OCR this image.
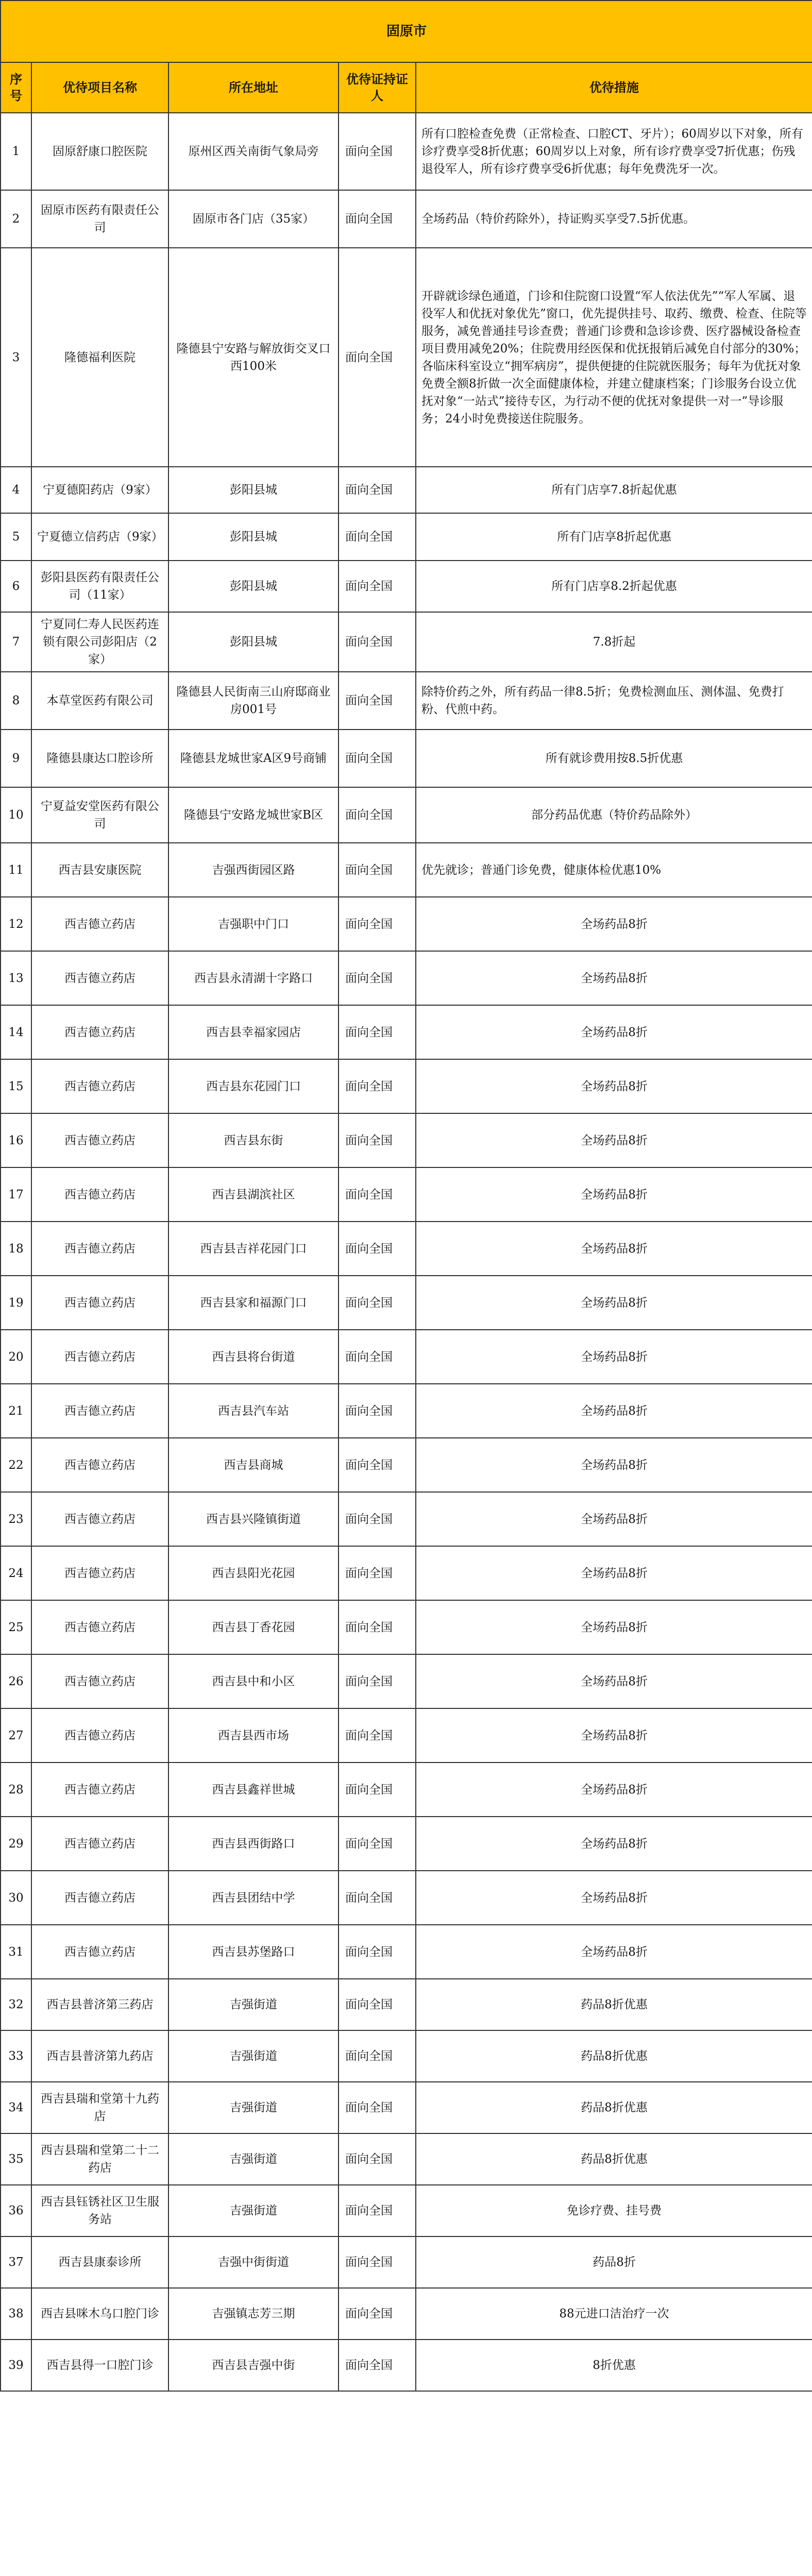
固原市				
序号	优待项目名称	所在地址	优待证持证人	优待措施
1	固原舒康口腔医院	原州区西关南街气象局旁	面向全国	所有口腔检查免费（正常检查、口腔CT、牙片）；60周岁以下对象，所有诊疗费享受8折优惠；60周岁以上对象，所有诊疗费享受7折优惠；伤残退役军人，所有诊疗费享受6折优惠；每年免费洗牙一次。
2	固原市医药有限责任公司	固原市各门店（35家）	面向全国	全场药品（特价药除外），持证购买享受7.5折优惠。
3	隆德福利医院	隆德县宁安路与解放街交叉口西100米	面向全国	开辟就诊绿色通道，门诊和住院窗口设置“军人依法优先”“军人军属、退役军人和优抚对象优先”窗口，优先提供挂号、取药、缴费、检查、住院等服务，减免普通挂号诊查费；普通门诊费和急诊诊费、医疗器械设备检查项目费用减免20%；住院费用经医保和优抚报销后减免自付部分的30%；各临床科室设立“拥军病房”，提供便捷的住院就医服务；每年为优抚对象免费全额8折做一次全面健康体检，并建立健康档案；门诊服务台设立优抚对象“一站式”接待专区，为行动不便的优抚对象提供一对一”导诊服务；24小时免费接送住院服务。
4	宁夏德阳药店（9家）	彭阳县城	面向全国	所有门店享7.8折起优惠
5	宁夏德立信药店（9家）	彭阳县城	面向全国	所有门店享8折起优惠
6	彭阳县医药有限责任公司（11家）	彭阳县城	面向全国	所有门店享8.2折起优惠
7	宁夏同仁寿人民医药连锁有限公司彭阳店（2家）	彭阳县城	面向全国	7.8折起
8	本草堂医药有限公司	隆德县人民街南三山府邸商业房001号	面向全国	除特价药之外，所有药品一律8.5折；免费检测血压、测体温、免费打粉、代煎中药。
9	隆德县康达口腔诊所	隆德县龙城世家A区9号商铺	面向全国	所有就诊费用按8.5折优惠
10	宁夏益安堂医药有限公司	隆德县宁安路龙城世家B区	面向全国	部分药品优惠（特价药品除外）
11	西吉县安康医院	吉强西街园区路	面向全国	优先就诊；普通门诊免费，健康体检优惠10%
12	西吉德立药店	吉强职中门口	面向全国	全场药品8折
13	西吉德立药店	西吉县永清湖十字路口	面向全国	全场药品8折
14	西吉德立药店	西吉县幸福家园店	面向全国	全场药品8折
15	西吉德立药店	西吉县东花园门口	面向全国	全场药品8折
16	西吉德立药店	西吉县东街	面向全国	全场药品8折
17	西吉德立药店	西吉县湖滨社区	面向全国	全场药品8折
18	西吉德立药店	西吉县吉祥花园门口	面向全国	全场药品8折
19	西吉德立药店	西吉县家和福源门口	面向全国	全场药品8折
20	西吉德立药店	西吉县将台街道	面向全国	全场药品8折
21	西吉德立药店	西吉县汽车站	面向全国	全场药品8折
22	西吉德立药店	西吉县商城	面向全国	全场药品8折
23	西吉德立药店	西吉县兴隆镇街道	面向全国	全场药品8折
24	西吉德立药店	西吉县阳光花园	面向全国	全场药品8折
25	西吉德立药店	西吉县丁香花园	面向全国	全场药品8折
26	西吉德立药店	西吉县中和小区	面向全国	全场药品8折
27	西吉德立药店	西吉县西市场	面向全国	全场药品8折
28	西吉德立药店	西吉县鑫祥世城	面向全国	全场药品8折
29	西吉德立药店	西吉县西街路口	面向全国	全场药品8折
30	西吉德立药店	西吉县团结中学	面向全国	全场药品8折
31	西吉德立药店	西吉县苏堡路口	面向全国	全场药品8折
32	西吉县普济第三药店	吉强街道	面向全国	药品8折优惠
33	西吉县普济第九药店	吉强街道	面向全国	药品8折优惠
34	西吉县瑞和堂第十九药店	吉强街道	面向全国	药品8折优惠
35	西吉县瑞和堂第二十二药店	吉强街道	面向全国	药品8折优惠
36	西吉县钰锈社区卫生服务站	吉强街道	面向全国	免诊疗费、挂号费
37	西吉县康泰诊所	吉强中街街道	面向全国	药品8折
38	西吉县咪木乌口腔门诊	吉强镇志芳三期	面向全国	88元进口洁治疗一次
39	西吉县得一口腔门诊	西吉县吉强中街	面向全国	8折优惠
